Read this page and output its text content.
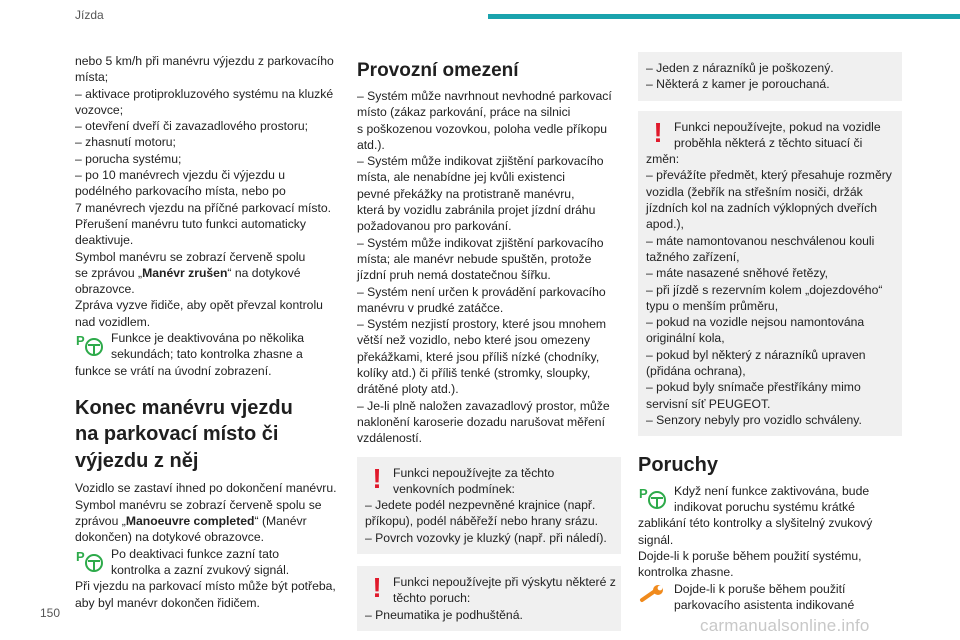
Jízda

nebo 5 km/h při manévru výjezdu z parkovacího

místa;

– aktivace protiprokluzového systému na kluzké

vozovce;

– otevření dveří či zavazadlového prostoru;

– zhasnutí motoru;

– porucha systému;

– po 10 manévrech vjezdu či výjezdu u

podélného parkovacího místa, nebo po

7 manévrech vjezdu na příčné parkovací místo.

Přerušení manévru tuto funkci automaticky

deaktivuje.

Symbol manévru se zobrazí červeně spolu

se zprávou „Manévr zrušen“ na dotykové

obrazovce.

Zpráva vyzve řidiče, aby opět převzal kontrolu

nad vozidlem.

P Funkce je deaktivována po několika

sekundách; tato kontrolka zhasne a

funkce se vrátí na úvodní zobrazení.

Konec manévru vjezdu
na parkovací místo či
výjezdu z něj

Vozidlo se zastaví ihned po dokončení manévru.

Symbol manévru se zobrazí červeně spolu se

zprávou „Manoeuvre completed“ (Manévr

dokončen) na dotykové obrazovce.

P Po deaktivaci funkce zazní tato

kontrolka a zazní zvukový signál.

Při vjezdu na parkovací místo může být potřeba,

aby byl manévr dokončen řidičem.

Provozní omezení

– Systém může navrhnout nevhodné parkovací

místo (zákaz parkování, práce na silnici

s poškozenou vozovkou, poloha vedle příkopu

atd.).

– Systém může indikovat zjištění parkovacího

místa, ale nenabídne jej kvůli existenci

pevné překážky na protistraně manévru,

která by vozidlu zabránila projet jízdní dráhu

požadovanou pro parkování.

– Systém může indikovat zjištění parkovacího

místa; ale manévr nebude spuštěn, protože

jízdní pruh nemá dostatečnou šířku.

– Systém není určen k provádění parkovacího

manévru v prudké zatáčce.

– Systém nezjistí prostory, které jsou mnohem

větší než vozidlo, nebo které jsou omezeny

překážkami, které jsou příliš nízké (chodníky,

kolíky atd.) či příliš tenké (stromky, sloupky,

drátěné ploty atd.).

– Je-li plně naložen zavazadlový prostor, může

naklonění karoserie dozadu narušovat měření

vzdáleností.

! Funkci nepoužívejte za těchto

venkovních podmínek:

– Jedete podél nezpevněné krajnice (např.

příkopu), podél náběřeží nebo hrany srázu.

– Povrch vozovky je kluzký (např. při náledí).

! Funkci nepoužívejte při výskytu některé z

těchto poruch:

– Pneumatika je podhuštěná.

– Jeden z nárazníků je poškozený.

– Některá z kamer je porouchaná.

! Funkci nepoužívejte, pokud na vozidle

proběhla některá z těchto situací či

změn:

– převážíte předmět, který přesahuje rozměry

vozidla (žebřík na střešním nosiči, držák

jízdních kol na zadních výklopných dveřích

apod.),

– máte namontovanou neschválenou kouli

tažného zařízení,

– máte nasazené sněhové řetězy,

– při jízdě s rezervním kolem „dojezdového“

typu o menším průměru,

– pokud na vozidle nejsou namontována

originální kola,

– pokud byl některý z nárazníků upraven

(přidána ochrana),

– pokud byly snímače přestříkány mimo

servisní síť PEUGEOT.

– Senzory nebyly pro vozidlo schváleny.

Poruchy
P Když není funkce zaktivována, bude

indikovat poruchu systému krátké

zablikání této kontrolky a slyšitelný zvukový

signál.

Dojde-li k poruše během použití systému,

kontrolka zhasne.

Dojde-li k poruše během použití

parkovacího asistenta indikované

150
carmanualsonline.info
